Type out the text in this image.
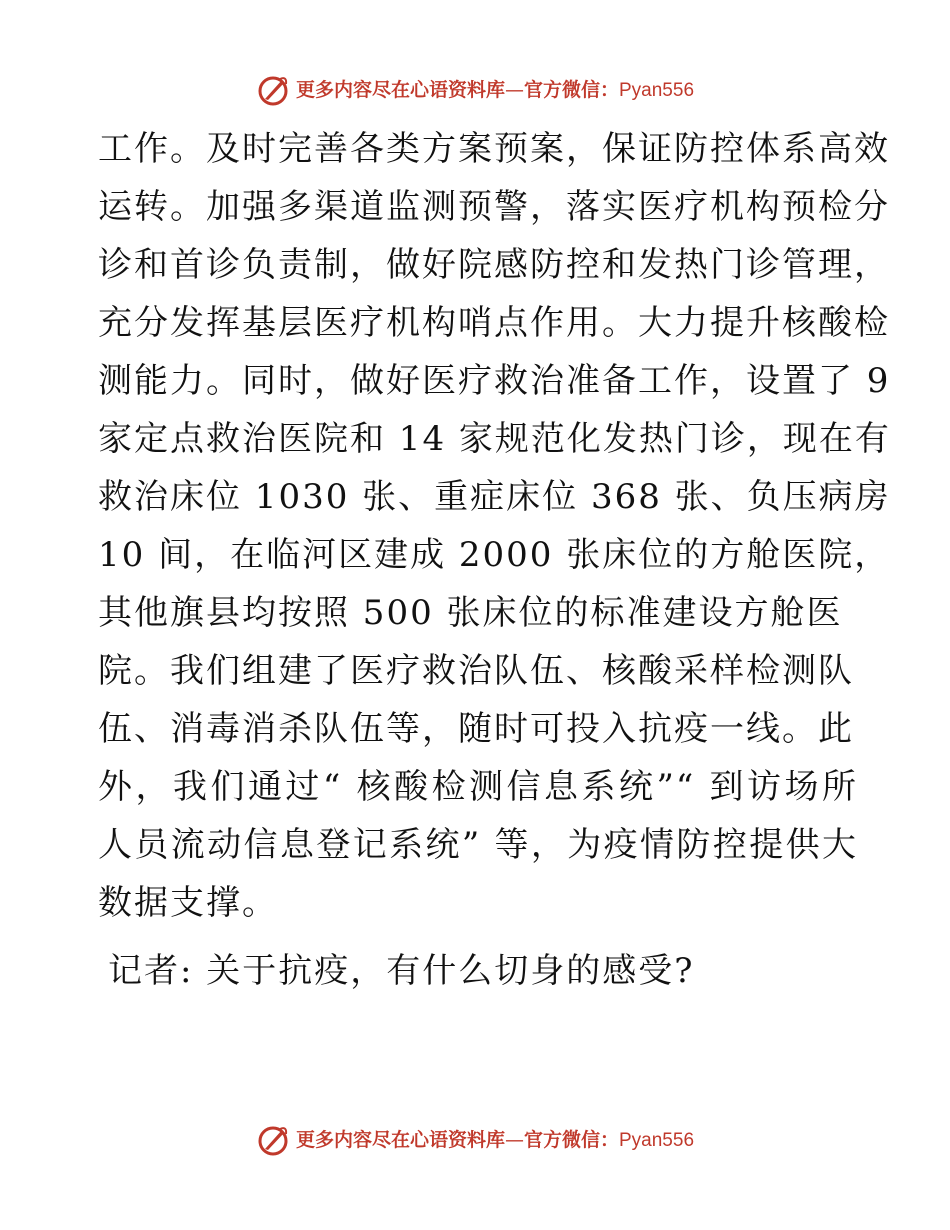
更多内容尽在心语资料库—官方微信：Pyan556
工作。及时完善各类方案预案，保证防控体系高效
运转。加强多渠道监测预警，落实医疗机构预检分
诊和首诊负责制，做好院感防控和发热门诊管理，
充分发挥基层医疗机构哨点作用。大力提升核酸检
测能力。同时，做好医疗救治准备工作，设置了 9
家定点救治医院和 14 家规范化发热门诊，现在有
救治床位 1030 张、重症床位 368 张、负压病房
10 间，在临河区建成 2000 张床位的方舱医院，
其他旗县均按照 500 张床位的标准建设方舱医
院。我们组建了医疗救治队伍、核酸采样检测队
伍、消毒消杀队伍等，随时可投入抗疫一线。此
外，我们通过“ 核酸检测信息系统”“ 到访场所
人员流动信息登记系统” 等，为疫情防控提供大
数据支撑。
记者: 关于抗疫，有什么切身的感受?
更多内容尽在心语资料库—官方微信：Pyan556
